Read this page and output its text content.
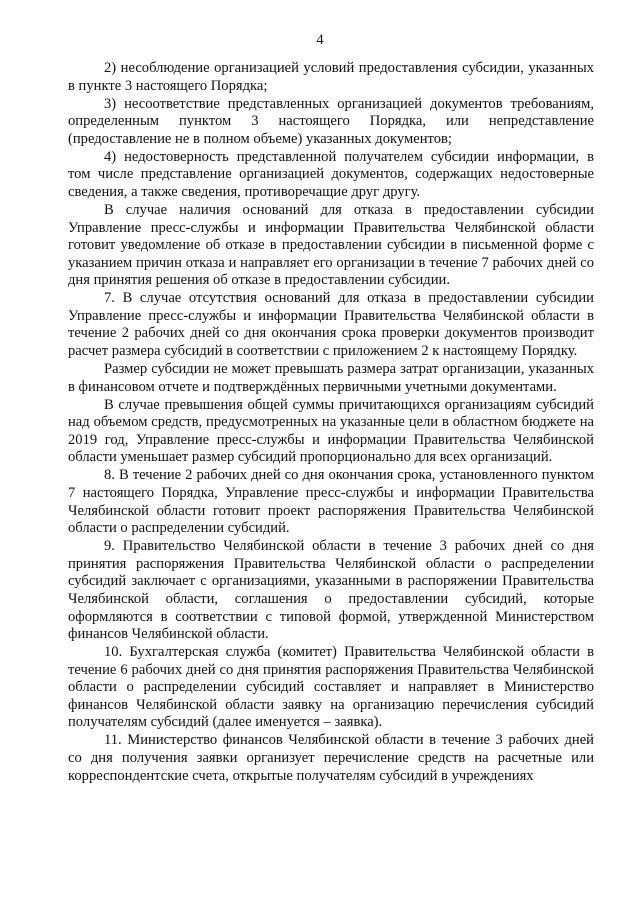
4

2) несоблюдение организацией условий предоставления субсидии, указанных в пункте 3 настоящего Порядка;

3) несоответствие представленных организацией документов требованиям, определенным пунктом 3 настоящего Порядка, или непредставление (предоставление не в полном объеме) указанных документов;

4) недостоверность представленной получателем субсидии информации, в том числе представление организацией документов, содержащих недостоверные сведения, а также сведения, противоречащие друг другу.

В случае наличия оснований для отказа в предоставлении субсидии Управление пресс-службы и информации Правительства Челябинской области готовит уведомление об отказе в предоставлении субсидии в письменной форме с указанием причин отказа и направляет его организации в течение 7 рабочих дней со дня принятия решения об отказе в предоставлении субсидии.

7. В случае отсутствия оснований для отказа в предоставлении субсидии Управление пресс-службы и информации Правительства Челябинской области в течение 2 рабочих дней со дня окончания срока проверки документов производит расчет размера субсидий в соответствии с приложением 2 к настоящему Порядку.

Размер субсидии не может превышать размера затрат организации, указанных в финансовом отчете и подтверждённых первичными учетными документами.

В случае превышения общей суммы причитающихся организациям субсидий над объемом средств, предусмотренных на указанные цели в областном бюджете на 2019 год, Управление пресс-службы и информации Правительства Челябинской области уменьшает размер субсидий пропорционально для всех организаций.

8. В течение 2 рабочих дней со дня окончания срока, установленного пунктом 7 настоящего Порядка, Управление пресс-службы и информации Правительства Челябинской области готовит проект распоряжения Правительства Челябинской области о распределении субсидий.

9. Правительство Челябинской области в течение 3 рабочих дней со дня принятия распоряжения Правительства Челябинской области о распределении субсидий заключает с организациями, указанными в распоряжении Правительства Челябинской области, соглашения о предоставлении субсидий, которые оформляются в соответствии с типовой формой, утвержденной Министерством финансов Челябинской области.

10. Бухгалтерская служба (комитет) Правительства Челябинской области в течение 6 рабочих дней со дня принятия распоряжения Правительства Челябинской области о распределении субсидий составляет и направляет в Министерство финансов Челябинской области заявку на организацию перечисления субсидий получателям субсидий (далее именуется – заявка).

11. Министерство финансов Челябинской области в течение 3 рабочих дней со дня получения заявки организует перечисление средств на расчетные или корреспондентские счета, открытые получателям субсидий в учреждениях
